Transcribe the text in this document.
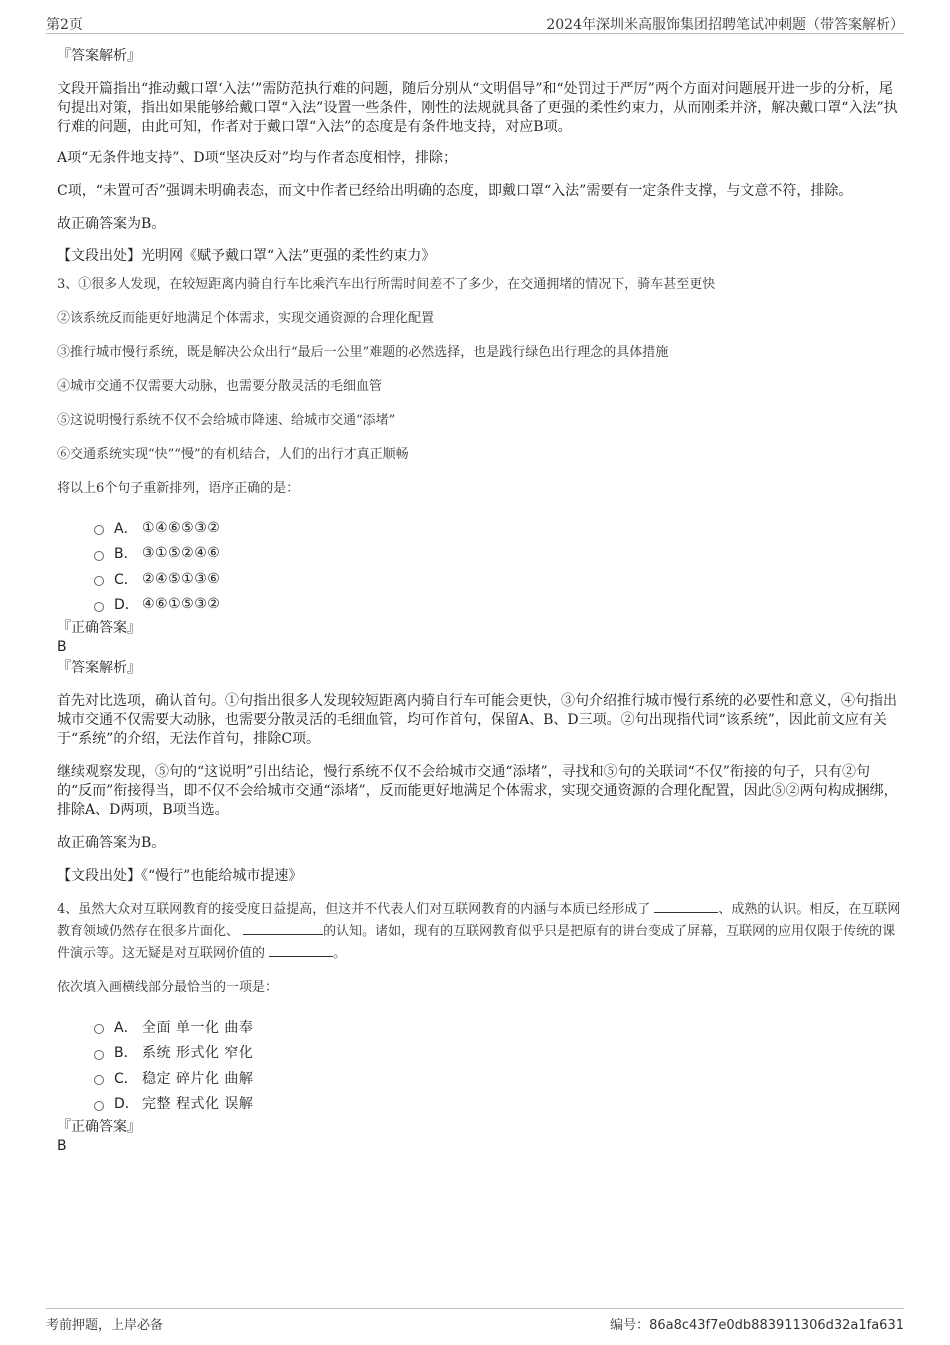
第2页	2024年深圳米高服饰集团招聘笔试冲刺题（带答案解析）

『答案解析』

文段开篇指出“推动戴口罩‘入法’”需防范执行难的问题，随后分别从“文明倡导”和“处罚过于严厉”两个方面对问题展开进一步的分析，尾句提出对策，指出如果能够给戴口罩“入法”设置一些条件，刚性的法规就具备了更强的柔性约束力，从而刚柔并济，解决戴口罩“入法”执行难的问题，由此可知，作者对于戴口罩“入法”的态度是有条件地支持，对应B项。

A项“无条件地支持”、D项“坚决反对”均与作者态度相悖，排除；

C项，“未置可否”强调未明确表态，而文中作者已经给出明确的态度，即戴口罩“入法”需要有一定条件支撑，与文意不符，排除。

故正确答案为B。

【文段出处】光明网《赋予戴口罩“入法”更强的柔性约束力》

3、①很多人发现，在较短距离内骑自行车比乘汽车出行所需时间差不了多少，在交通拥堵的情况下，骑车甚至更快

②该系统反而能更好地满足个体需求，实现交通资源的合理化配置

③推行城市慢行系统，既是解决公众出行“最后一公里”难题的必然选择，也是践行绿色出行理念的具体措施

④城市交通不仅需要大动脉，也需要分散灵活的毛细血管

⑤这说明慢行系统不仅不会给城市降速、给城市交通“添堵”

⑥交通系统实现“快”“慢”的有机结合，人们的出行才真正顺畅

将以上6个句子重新排列，语序正确的是：

A． ①④⑥⑤③②
B． ③①⑤②④⑥
C． ②④⑤①③⑥
D． ④⑥①⑤③②

『正确答案』

B

『答案解析』

首先对比选项，确认首句。①句指出很多人发现较短距离内骑自行车可能会更快，③句介绍推行城市慢行系统的必要性和意义，④句指出城市交通不仅需要大动脉，也需要分散灵活的毛细血管，均可作首句，保留A、B、D三项。②句出现指代词“该系统”，因此前文应有关于“系统”的介绍，无法作首句，排除C项。

继续观察发现，⑤句的“这说明”引出结论，慢行系统不仅不会给城市交通“添堵”，寻找和⑤句的关联词“不仅”衔接的句子，只有②句的“反而”衔接得当，即不仅不会给城市交通“添堵”，反而能更好地满足个体需求，实现交通资源的合理化配置，因此⑤②两句构成捆绑，排除A、D两项，B项当选。

故正确答案为B。

【文段出处】《“慢行”也能给城市提速》

4、虽然大众对互联网教育的接受度日益提高，但这并不代表人们对互联网教育的内涵与本质已经形成了	、成熟的认识。相反，在互联网教育领域仍然存在很多片面化、	的认知。诸如，现有的互联网教育似乎只是把原有的讲台变成了屏幕，互联网的应用仅限于传统的课件演示等。这无疑是对互联网价值的	。

依次填入画横线部分最恰当的一项是：

A． 全面 单一化 曲奉
B． 系统 形式化 窄化
C． 稳定 碎片化 曲解
D． 完整 程式化 误解

『正确答案』

B

考前押题，上岸必备	编号：86a8c43f7e0db883911306d32a1fa631
